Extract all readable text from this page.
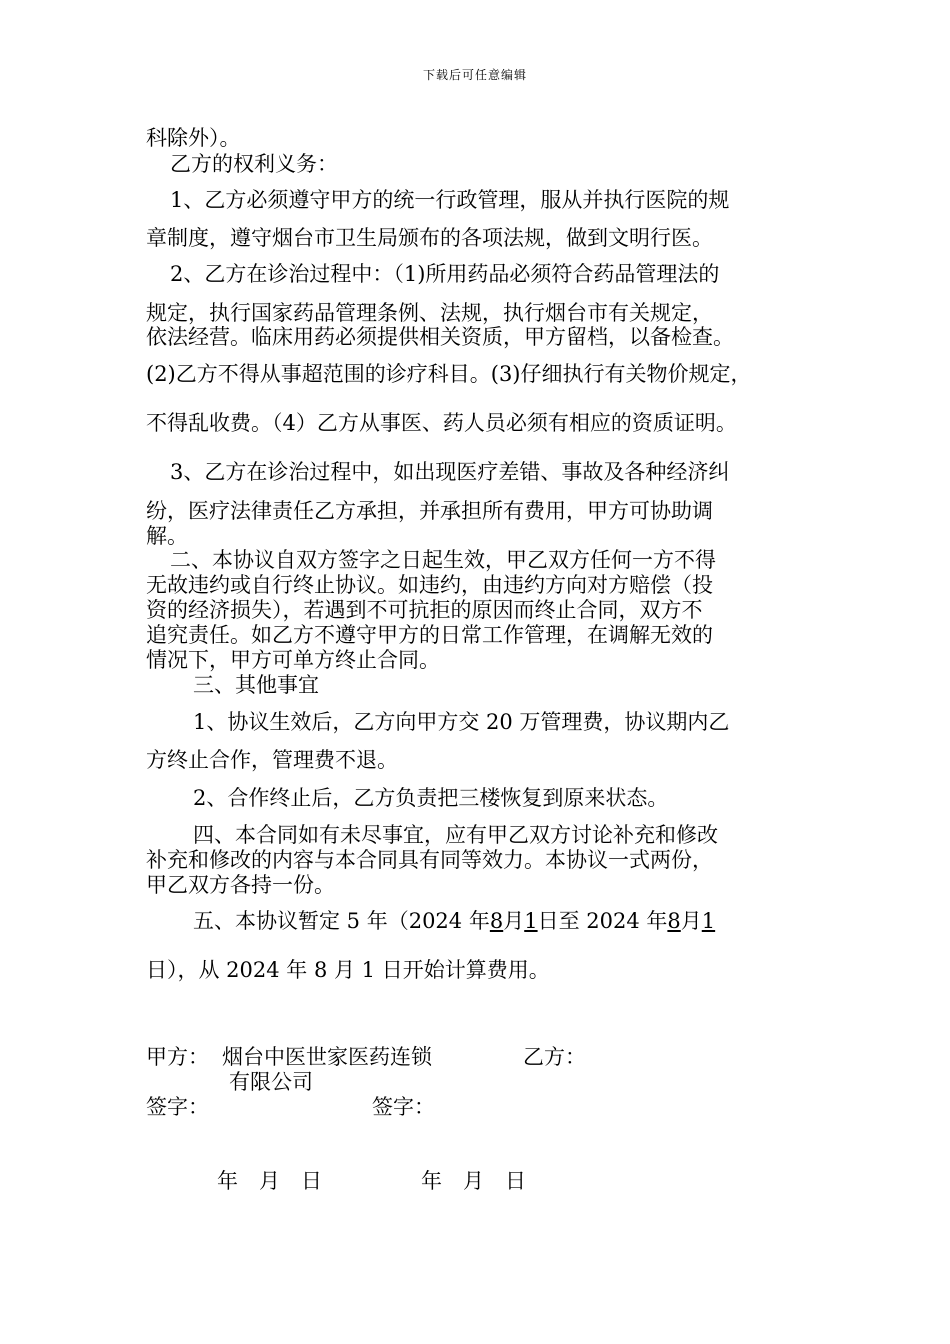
下载后可任意编辑
科除外）。
乙方的权利义务：
1、乙方必须遵守甲方的统一行政管理，服从并执行医院的规
章制度，遵守烟台市卫生局颁布的各项法规，做到文明行医。
2、乙方在诊治过程中：（1)所用药品必须符合药品管理法的
规定，执行国家药品管理条例、法规，执行烟台市有关规定，
依法经营。临床用药必须提供相关资质，甲方留档，以备检查。
(2)乙方不得从事超范围的诊疗科目。(3)仔细执行有关物价规定，
不得乱收费。（4）乙方从事医、药人员必须有相应的资质证明。
3、乙方在诊治过程中，如出现医疗差错、事故及各种经济纠
纷，医疗法律责任乙方承担，并承担所有费用，甲方可协助调
解。
二、本协议自双方签字之日起生效，甲乙双方任何一方不得
无故违约或自行终止协议。如违约，由违约方向对方赔偿（投
资的经济损失），若遇到不可抗拒的原因而终止合同，双方不
追究责任。如乙方不遵守甲方的日常工作管理，在调解无效的
情况下，甲方可单方终止合同。
三、其他事宜
1、协议生效后，乙方向甲方交 20 万管理费，协议期内乙
方终止合作，管理费不退。
2、合作终止后，乙方负责把三楼恢复到原来状态。
四、本合同如有未尽事宜，应有甲乙双方讨论补充和修改
补充和修改的内容与本合同具有同等效力。本协议一式两份，
甲乙双方各持一份。
五、本协议暂定 5 年（2024 年8月1日至 2024 年8月1
日），从 2024 年 8 月 1 日开始计算费用。
甲方： 烟台中医世家医药连锁
有限公司
乙方：
签字：	签字：
年　月　日	年　月　日
